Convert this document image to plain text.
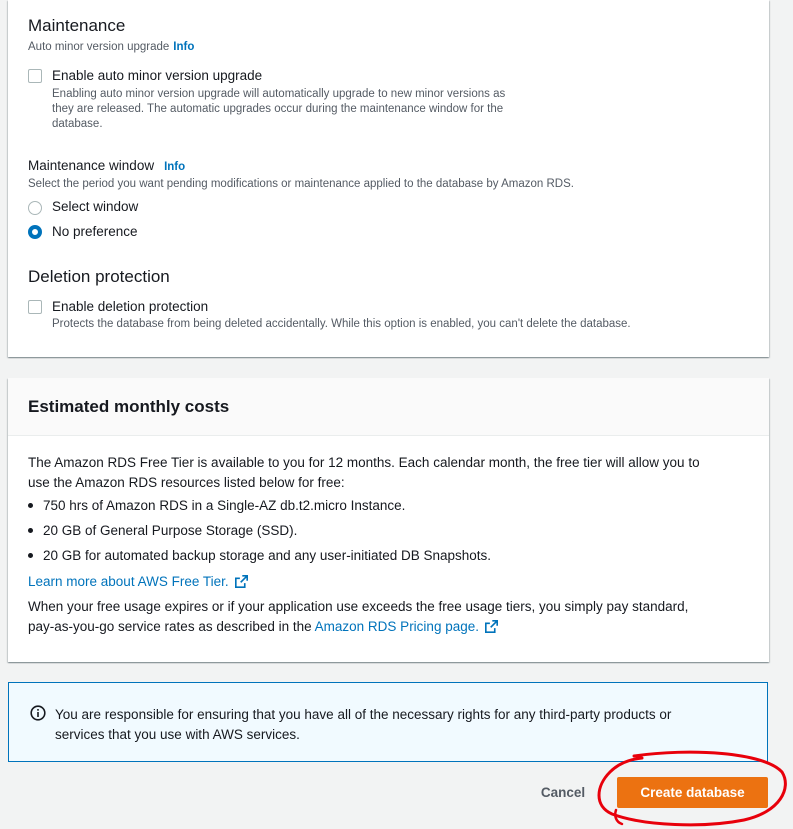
Maintenance
Auto minor version upgrade Info
Enable auto minor version upgrade
Enabling auto minor version upgrade will automatically upgrade to new minor versions as
they are released. The automatic upgrades occur during the maintenance window for the
database.
Maintenance window Info
Select the period you want pending modifications or maintenance applied to the database by Amazon RDS.
Select window
No preference
Deletion protection
Enable deletion protection
Protects the database from being deleted accidentally. While this option is enabled, you can't delete the database.
Estimated monthly costs
The Amazon RDS Free Tier is available to you for 12 months. Each calendar month, the free tier will allow you to
use the Amazon RDS resources listed below for free:
750 hrs of Amazon RDS in a Single-AZ db.t2.micro Instance.
20 GB of General Purpose Storage (SSD).
20 GB for automated backup storage and any user-initiated DB Snapshots.
Learn more about AWS Free Tier.
When your free usage expires or if your application use exceeds the free usage tiers, you simply pay standard,
pay-as-you-go service rates as described in the Amazon RDS Pricing page.
You are responsible for ensuring that you have all of the necessary rights for any third-party products or
services that you use with AWS services.
Cancel	Create database
